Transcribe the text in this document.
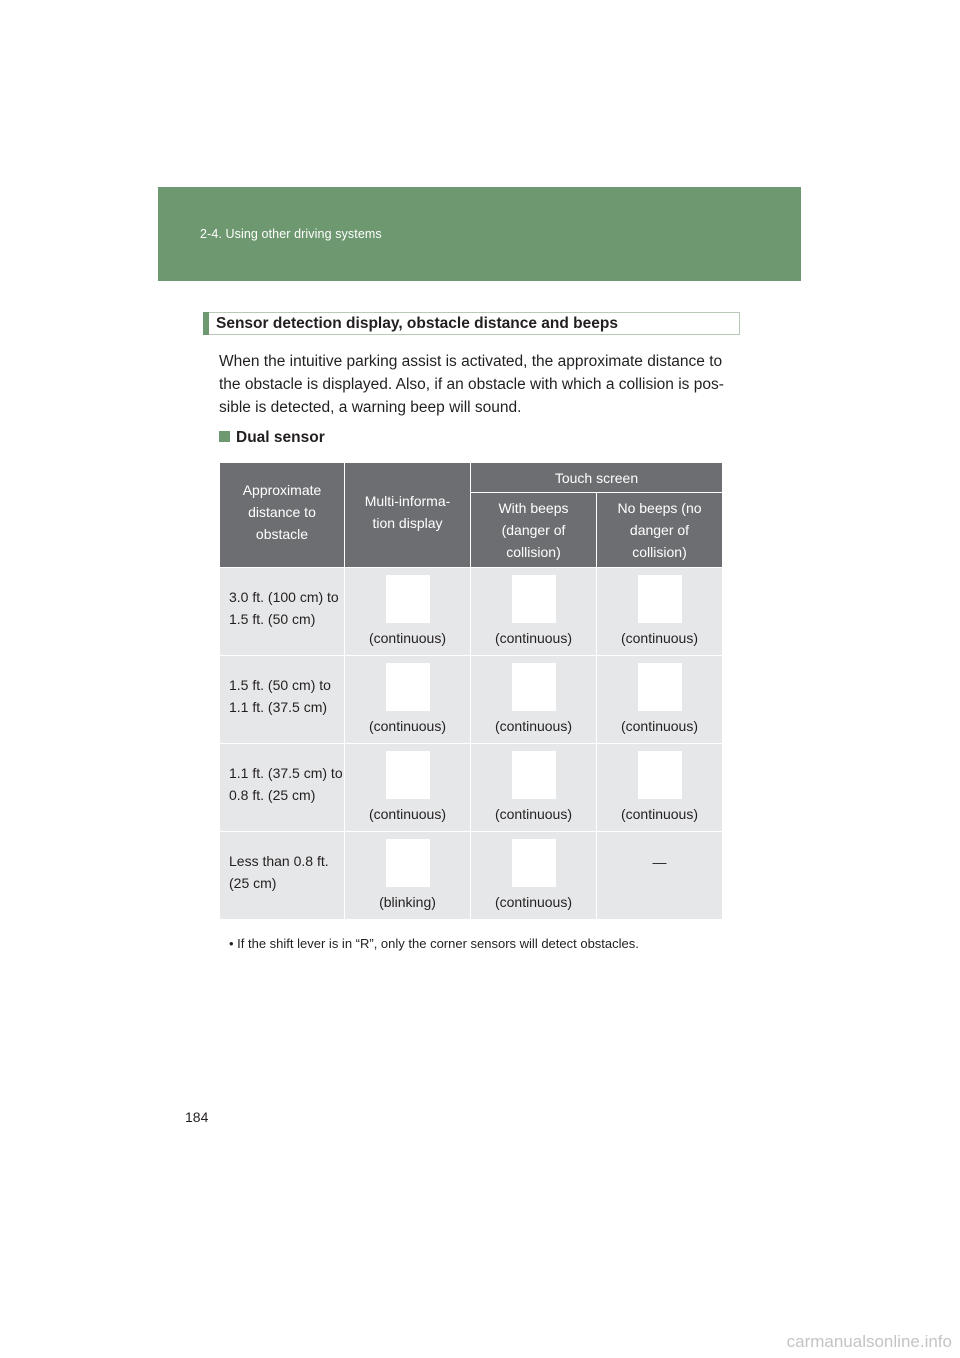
2-4. Using other driving systems
Sensor detection display, obstacle distance and beeps

When the intuitive parking assist is activated, the approximate distance to the obstacle is displayed. Also, if an obstacle with which a collision is pos- sible is detected, a warning beep will sound.

Dual sensor
Approximate distance to obstacle	Multi-informa- tion display	Touch screen	
		With beeps (danger of collision)	No beeps (no danger of collision)
3.0 ft. (100 cm) to 1.5 ft. (50 cm)	(continuous)	(continuous)	(continuous)

1.5 ft. (50 cm) to 1.1 ft. (37.5 cm)	(continuous)	(continuous)	(continuous)

1.1 ft. (37.5 cm) to 0.8 ft. (25 cm)	(continuous)	(continuous)	(continuous)

Less than 0.8 ft. (25 cm)	(blinking)	(continuous)	—

• If the shift lever is in “R”, only the corner sensors will detect obstacles.

184
carmanualsonline.info
